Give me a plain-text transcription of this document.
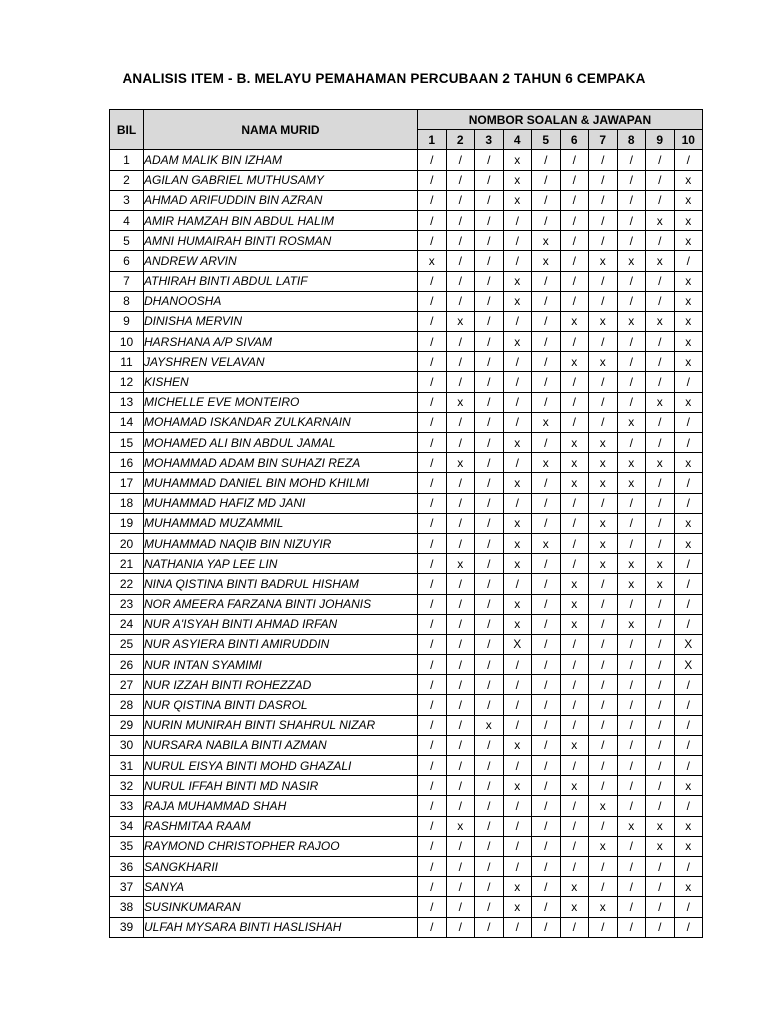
ANALISIS ITEM - B. MELAYU PEMAHAMAN PERCUBAAN 2 TAHUN 6 CEMPAKA
BIL	NAMA MURID	NOMBOR SOALAN & JAWAPAN									
		1	2	3	4	5	6	7	8	9	10
1	ADAM MALIK BIN IZHAM	/	/	/	x	/	/	/	/	/	/
2	AGILAN GABRIEL MUTHUSAMY	/	/	/	x	/	/	/	/	/	x
3	AHMAD ARIFUDDIN BIN AZRAN	/	/	/	x	/	/	/	/	/	x
4	AMIR HAMZAH BIN ABDUL HALIM	/	/	/	/	/	/	/	/	x	x
5	AMNI HUMAIRAH BINTI ROSMAN	/	/	/	/	x	/	/	/	/	x
6	ANDREW ARVIN	x	/	/	/	x	/	x	x	x	/
7	ATHIRAH BINTI ABDUL LATIF	/	/	/	x	/	/	/	/	/	x
8	DHANOOSHA	/	/	/	x	/	/	/	/	/	x
9	DINISHA MERVIN	/	x	/	/	/	x	x	x	x	x
10	HARSHANA A/P SIVAM	/	/	/	x	/	/	/	/	/	x
11	JAYSHREN VELAVAN	/	/	/	/	/	x	x	/	/	x
12	KISHEN	/	/	/	/	/	/	/	/	/	/
13	MICHELLE EVE MONTEIRO	/	x	/	/	/	/	/	/	x	x
14	MOHAMAD ISKANDAR ZULKARNAIN	/	/	/	/	x	/	/	x	/	/
15	MOHAMED ALI BIN ABDUL JAMAL	/	/	/	x	/	x	x	/	/	/
16	MOHAMMAD ADAM BIN SUHAZI REZA	/	x	/	/	x	x	x	x	x	x
17	MUHAMMAD DANIEL BIN MOHD KHILMI	/	/	/	x	/	x	x	x	/	/
18	MUHAMMAD HAFIZ MD JANI	/	/	/	/	/	/	/	/	/	/
19	MUHAMMAD MUZAMMIL	/	/	/	x	/	/	x	/	/	x
20	MUHAMMAD NAQIB BIN NIZUYIR	/	/	/	x	x	/	x	/	/	x
21	NATHANIA YAP LEE LIN	/	x	/	x	/	/	x	x	x	/
22	NINA QISTINA BINTI BADRUL HISHAM	/	/	/	/	/	x	/	x	x	/
23	NOR AMEERA FARZANA BINTI JOHANIS	/	/	/	x	/	x	/	/	/	/
24	NUR A'ISYAH BINTI AHMAD IRFAN	/	/	/	x	/	x	/	x	/	/
25	NUR ASYIERA BINTI AMIRUDDIN	/	/	/	X	/	/	/	/	/	X
26	NUR INTAN SYAMIMI	/	/	/	/	/	/	/	/	/	X
27	NUR IZZAH BINTI ROHEZZAD	/	/	/	/	/	/	/	/	/	/
28	NUR QISTINA BINTI DASROL	/	/	/	/	/	/	/	/	/	/
29	NURIN MUNIRAH BINTI SHAHRUL NIZAR	/	/	x	/	/	/	/	/	/	/
30	NURSARA NABILA BINTI AZMAN	/	/	/	x	/	x	/	/	/	/
31	NURUL EISYA BINTI MOHD GHAZALI	/	/	/	/	/	/	/	/	/	/
32	NURUL IFFAH BINTI MD NASIR	/	/	/	x	/	x	/	/	/	x
33	RAJA MUHAMMAD SHAH	/	/	/	/	/	/	x	/	/	/
34	RASHMITAA RAAM	/	x	/	/	/	/	/	x	x	x
35	RAYMOND CHRISTOPHER RAJOO	/	/	/	/	/	/	x	/	x	x
36	SANGKHARII	/	/	/	/	/	/	/	/	/	/
37	SANYA	/	/	/	x	/	x	/	/	/	x
38	SUSINKUMARAN	/	/	/	x	/	x	x	/	/	/
39	ULFAH MYSARA BINTI HASLISHAH	/	/	/	/	/	/	/	/	/	/
